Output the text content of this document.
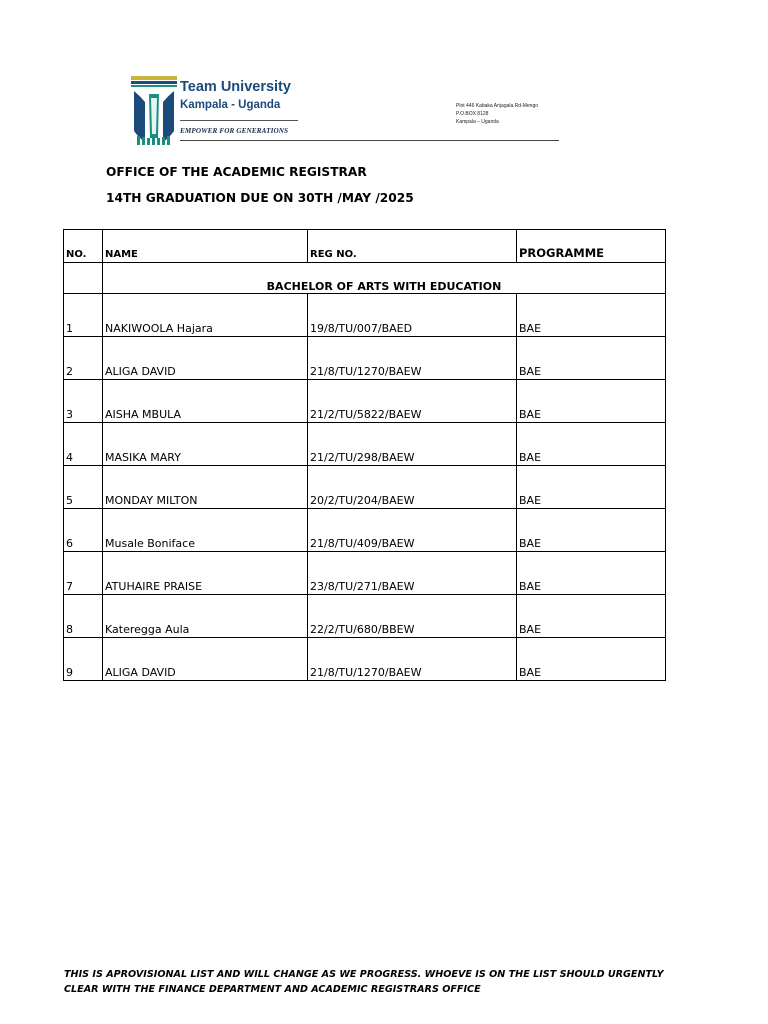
Team University
Kampala - Uganda
EMPOWER FOR GENERATIONS
Plot 446 Kabaka Anjagala Rd-Mengo
P.O.BOX 8128
Kampala – Uganda
OFFICE OF THE ACADEMIC REGISTRAR
14TH GRADUATION DUE ON 30TH /MAY /2025
NO.	NAME	REG NO.	PROGRAMME
	BACHELOR OF ARTS WITH EDUCATION		
1	NAKIWOOLA Hajara	19/8/TU/007/BAED	BAE
2	ALIGA DAVID	21/8/TU/1270/BAEW	BAE
3	AISHA MBULA	21/2/TU/5822/BAEW	BAE
4	MASIKA MARY	21/2/TU/298/BAEW	BAE
5	MONDAY MILTON	20/2/TU/204/BAEW	BAE
6	Musale Boniface	21/8/TU/409/BAEW	BAE
7	ATUHAIRE PRAISE	23/8/TU/271/BAEW	BAE
8	Kateregga Aula	22/2/TU/680/BBEW	BAE
9	ALIGA DAVID	21/8/TU/1270/BAEW	BAE
THIS IS APROVISIONAL LIST AND WILL CHANGE AS WE PROGRESS. WHOEVE IS ON THE LIST SHOULD URGENTLY
CLEAR WITH THE FINANCE DEPARTMENT AND ACADEMIC REGISTRARS OFFICE
